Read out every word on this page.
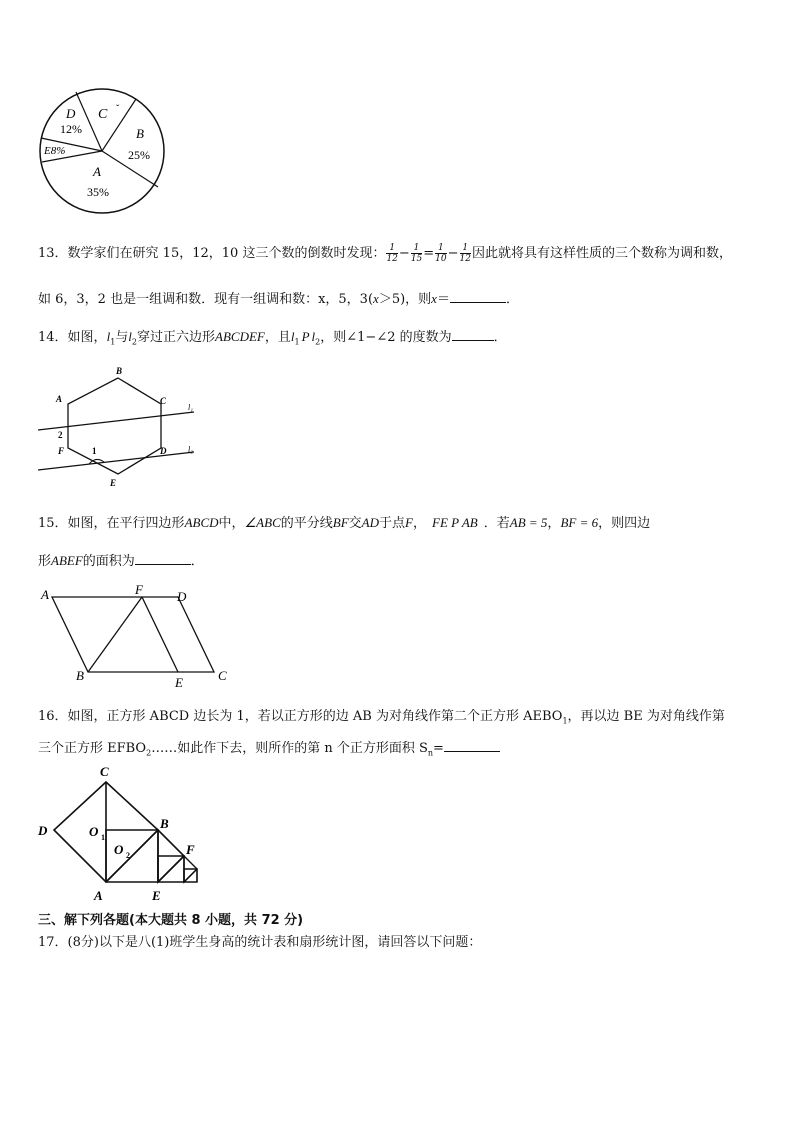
D
12%
C ˇ
B
25%
E8%
A
35%
13．数学家们在研究 15，12，10 这三个数的倒数时发现： $\frac{1}{12} - \frac{1}{15} = \frac{1}{10} - \frac{1}{12}$ 因此就将具有这样性质的三个数称为调和数，
如 6，3，2 也是一组调和数．现有一组调和数：x，5，3(x＞5)，则x＝	．
14．如图，$l_1$与$l_2$穿过正六边形ABCDEF，且$l_1$ P $l_2$，则∠1−∠2 的度数为	．
B
A	C
F	D
E
2
1
l₁
l₂
15．如图，在平行四边形ABCD中，∠ABC的平分线BF交AD于点F， FE P AB ．若AB = 5，BF = 6，则四边
形ABEF的面积为	．
A	F	D
B	E	C
16．如图，正方形 ABCD 边长为 1，若以正方形的边 AB 为对角线作第二个正方形 $AEBO_1$，再以边 BE 为对角线作第
三个正方形 $EFBO_2\dots\dots$如此作下去，则所作的第 n 个正方形面积 $S_n=$
C
D	B
F
A	E
O 1
O 2
三、解下列各题(本大题共 8 小题，共 72 分)
17．(8分)以下是八(1)班学生身高的统计表和扇形统计图，请回答以下问题：
